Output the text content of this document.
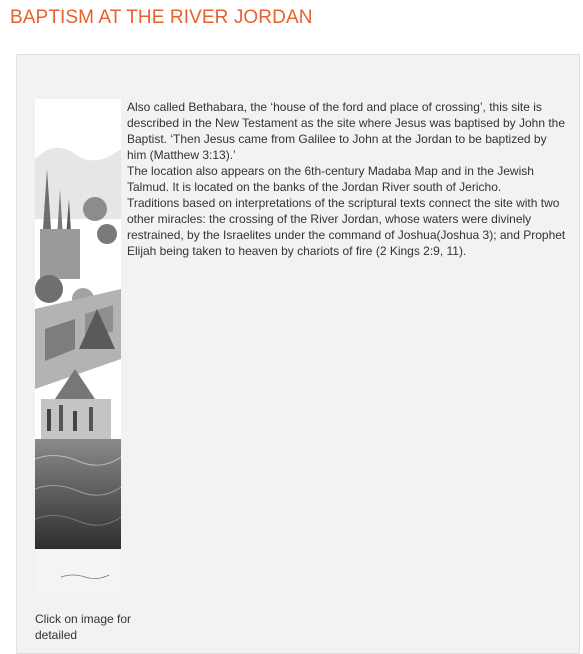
BAPTISM AT THE RIVER JORDAN

Also called Bethabara, the ‘house of the ford and place of crossing’, this site is described in the New Testament as the site where Jesus was baptised by John the Baptist. ‘Then Jesus came from Galilee to John at the Jordan to be baptized by him (Matthew 3:13).’

The location also appears on the 6th-century Madaba Map and in the Jewish Talmud. It is located on the banks of the Jordan River south of Jericho.

Traditions based on interpretations of the scriptural texts connect the site with two other miracles: the crossing of the River Jordan, whose waters were divinely restrained, by the Israelites under the command of Joshua(Joshua 3); and Prophet Elijah being taken to heaven by chariots of fire (2 Kings 2:9, 11).

Click on image for detailed
